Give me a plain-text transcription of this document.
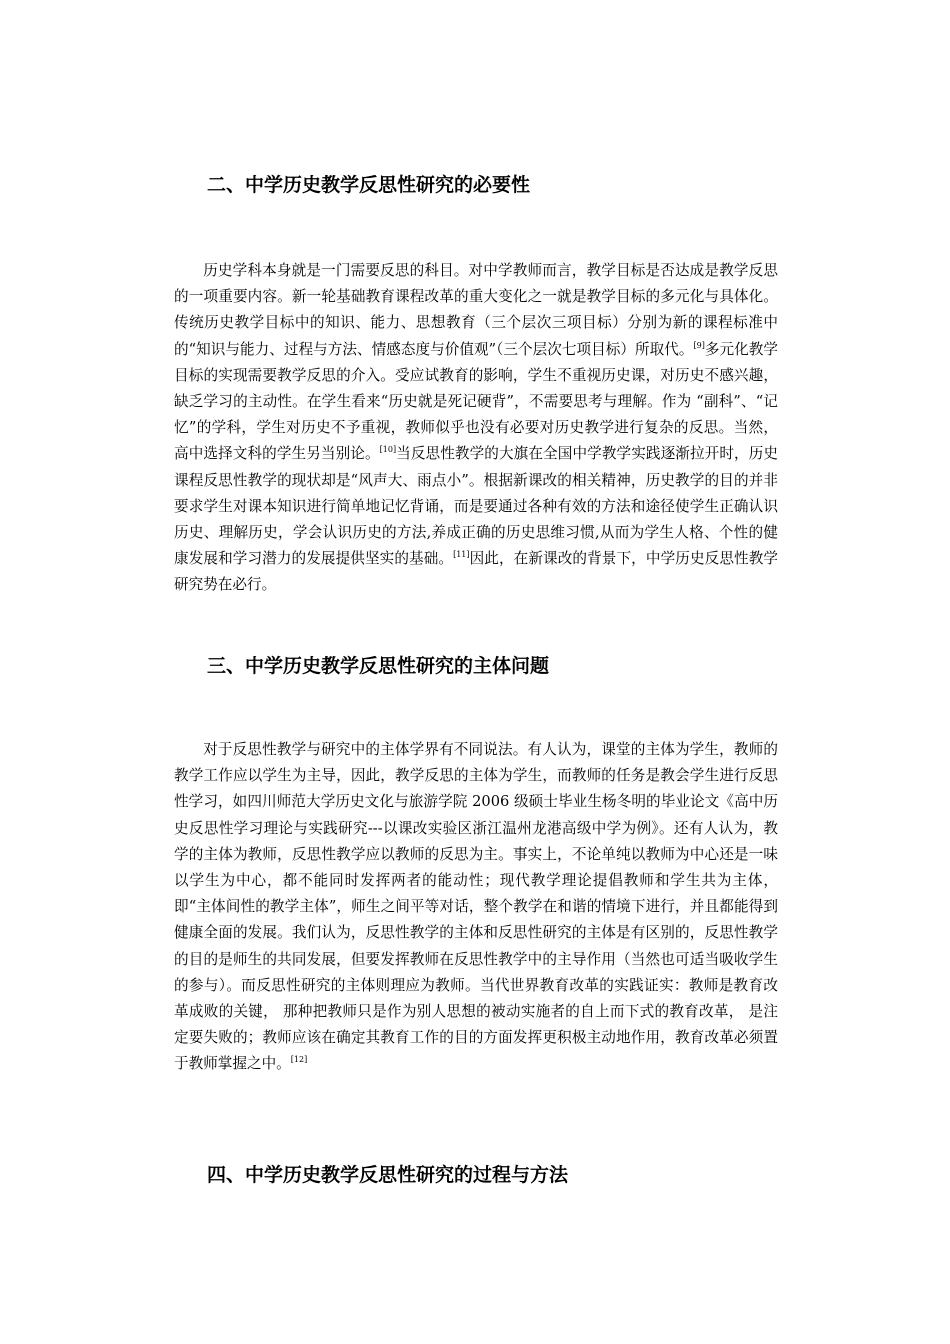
二、中学历史教学反思性研究的必要性

历史学科本身就是一门需要反思的科目。对中学教师而言，教学目标是否达成是教学反思的一项重要内容。新一轮基础教育课程改革的重大变化之一就是教学目标的多元化与具体化。传统历史教学目标中的知识、能力、思想教育（三个层次三项目标）分别为新的课程标准中的“知识与能力、过程与方法、情感态度与价值观”（三个层次七项目标）所取代。[9]多元化教学目标的实现需要教学反思的介入。受应试教育的影响，学生不重视历史课，对历史不感兴趣，缺乏学习的主动性。在学生看来“历史就是死记硬背”，不需要思考与理解。作为 “副科”、“记忆”的学科，学生对历史不予重视，教师似乎也没有必要对历史教学进行复杂的反思。当然，高中选择文科的学生另当别论。[10]当反思性教学的大旗在全国中学教学实践逐渐拉开时，历史课程反思性教学的现状却是“风声大、雨点小”。根据新课改的相关精神，历史教学的目的并非要求学生对课本知识进行简单地记忆背诵，而是要通过各种有效的方法和途径使学生正确认识历史、理解历史，学会认识历史的方法,养成正确的历史思维习惯,从而为学生人格、个性的健康发展和学习潜力的发展提供坚实的基础。[11]因此，在新课改的背景下，中学历史反思性教学研究势在必行。

三、中学历史教学反思性研究的主体问题

对于反思性教学与研究中的主体学界有不同说法。有人认为，课堂的主体为学生，教师的教学工作应以学生为主导，因此，教学反思的主体为学生，而教师的任务是教会学生进行反思性学习，如四川师范大学历史文化与旅游学院 2006 级硕士毕业生杨冬明的毕业论文《高中历史反思性学习理论与实践研究---以课改实验区浙江温州龙港高级中学为例》。还有人认为，教学的主体为教师，反思性教学应以教师的反思为主。事实上，不论单纯以教师为中心还是一味以学生为中心，都不能同时发挥两者的能动性；现代教学理论提倡教师和学生共为主体，即“主体间性的教学主体”，师生之间平等对话，整个教学在和谐的情境下进行，并且都能得到健康全面的发展。我们认为，反思性教学的主体和反思性研究的主体是有区别的，反思性教学的目的是师生的共同发展，但要发挥教师在反思性教学中的主导作用（当然也可适当吸收学生的参与）。而反思性研究的主体则理应为教师。当代世界教育改革的实践证实：教师是教育改革成败的关键， 那种把教师只是作为别人思想的被动实施者的自上而下式的教育改革， 是注定要失败的；教师应该在确定其教育工作的目的方面发挥更积极主动地作用，教育改革必须置于教师掌握之中。[12]

四、中学历史教学反思性研究的过程与方法
